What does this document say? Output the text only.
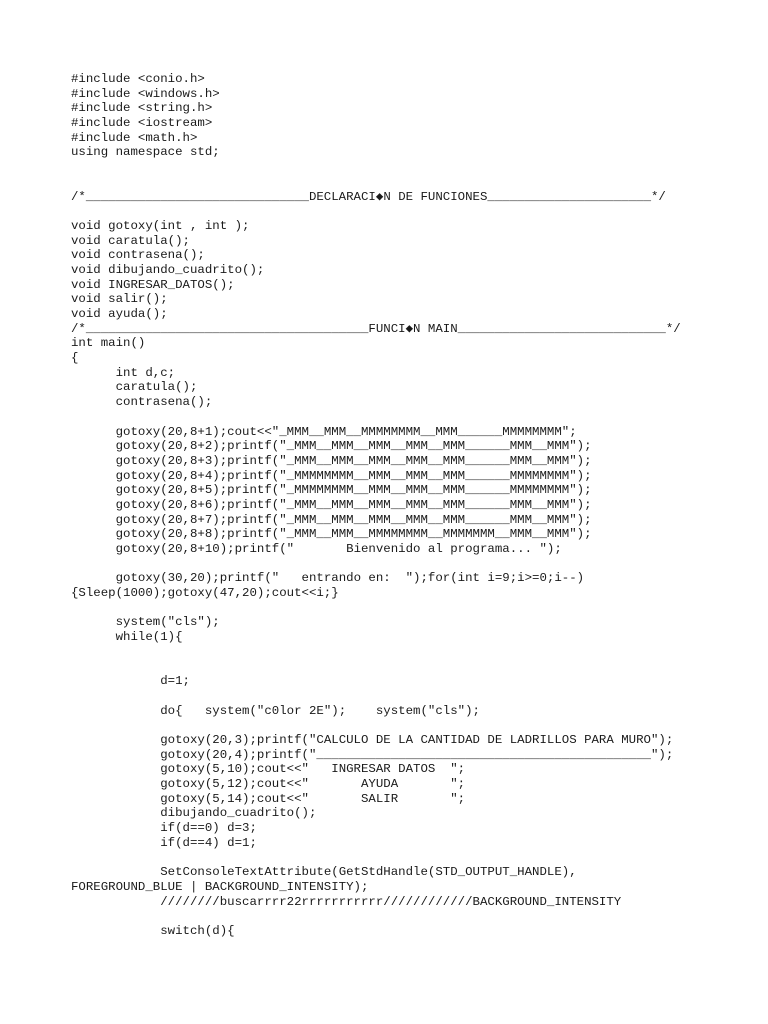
#include <conio.h>
#include <windows.h>
#include <string.h>
#include <iostream>
#include <math.h>
using namespace std;
/*______________________________DECLARACI◆N DE FUNCIONES______________________*/
void gotoxy(int , int );
void caratula();
void contrasena();
void dibujando_cuadrito();
void INGRESAR_DATOS();
void salir();
void ayuda();
/*______________________________________FUNCI◆N MAIN____________________________*/
int main()
{
	int d,c;
	caratula();
	contrasena();
	gotoxy(20,8+1);cout<<"_MMM__MMM__MMMMMMMM__MMM______MMMMMMMM";
	gotoxy(20,8+2);printf("_MMM__MMM__MMM__MMM__MMM______MMM__MMM");
	gotoxy(20,8+3);printf("_MMM__MMM__MMM__MMM__MMM______MMM__MMM");
	gotoxy(20,8+4);printf("_MMMMMMMM__MMM__MMM__MMM______MMMMMMMM");
	gotoxy(20,8+5);printf("_MMMMMMMM__MMM__MMM__MMM______MMMMMMMM");
	gotoxy(20,8+6);printf("_MMM__MMM__MMM__MMM__MMM______MMM__MMM");
	gotoxy(20,8+7);printf("_MMM__MMM__MMM__MMM__MMM______MMM__MMM");
	gotoxy(20,8+8);printf("_MMM__MMM__MMMMMMMM__MMMMMMM__MMM__MMM");
	gotoxy(20,8+10);printf("       Bienvenido al programa... ");
	gotoxy(30,20);printf("   entrando en:  ");for(int i=9;i>=0;i--)
{Sleep(1000);gotoxy(47,20);cout<<i;}
	system("cls");
	while(1){
		d=1;
		do{   system("c0lor 2E");    system("cls");
		gotoxy(20,3);printf("CALCULO DE LA CANTIDAD DE LADRILLOS PARA MURO");
		gotoxy(20,4);printf("_____________________________________________");
		gotoxy(5,10);cout<<"   INGRESAR DATOS  ";
		gotoxy(5,12);cout<<"       AYUDA       ";
		gotoxy(5,14);cout<<"       SALIR       ";
		dibujando_cuadrito();
		if(d==0) d=3;
		if(d==4) d=1;
		SetConsoleTextAttribute(GetStdHandle(STD_OUTPUT_HANDLE),
FOREGROUND_BLUE | BACKGROUND_INTENSITY);
		////////buscarrrr22rrrrrrrrrrr////////////BACKGROUND_INTENSITY
		switch(d){
